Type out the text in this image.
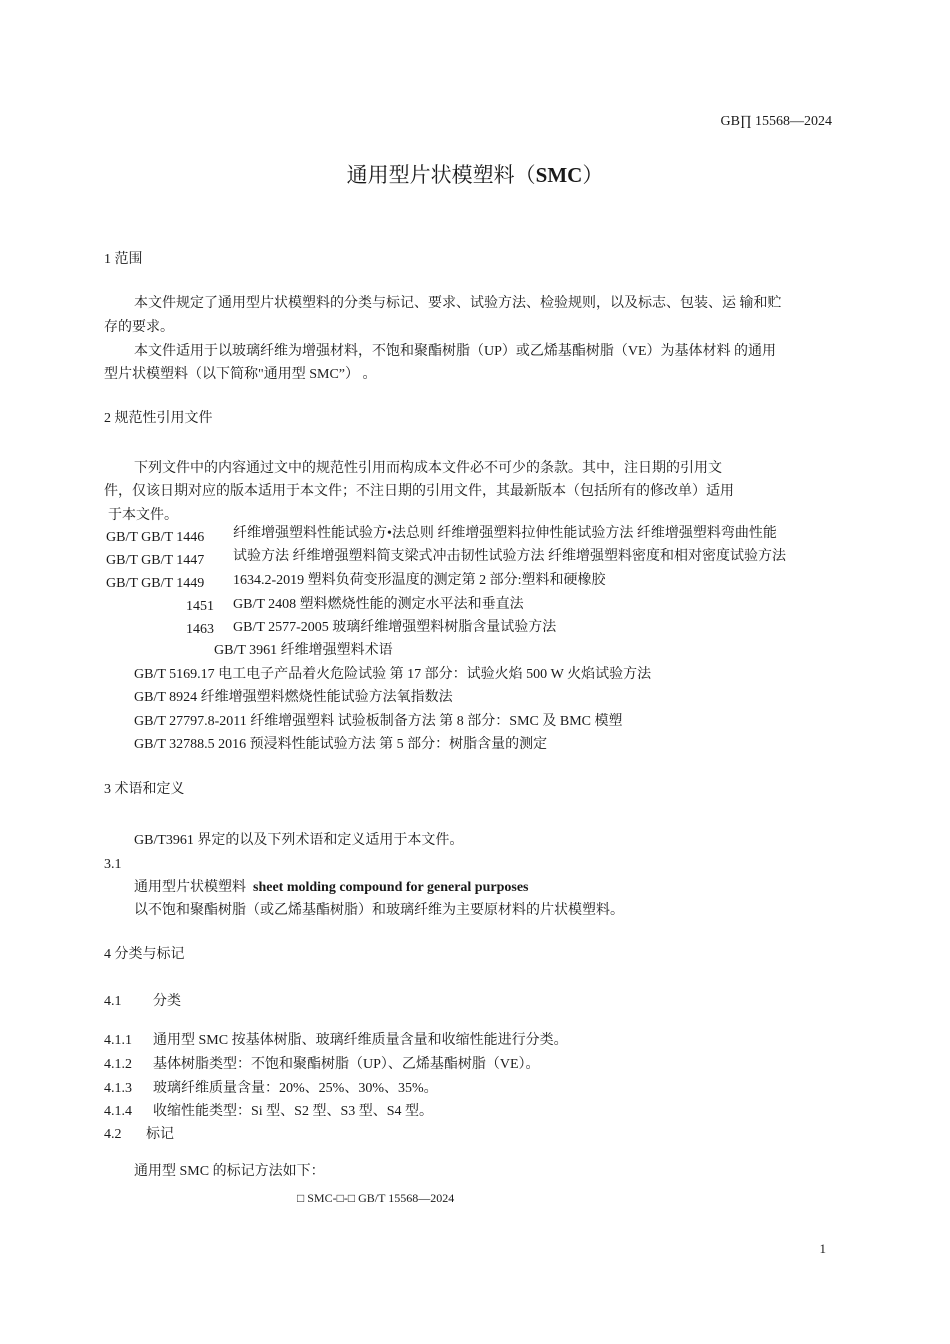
GB∏ 15568—2024
通用型片状模塑料（SMC）
1 范围
本文件规定了通用型片状模塑料的分类与标记、要求、试验方法、检验规则，以及标志、包装、运 输和贮
存的要求。
本文件适用于以玻璃纤维为增强材料，不饱和聚酯树脂（UP）或乙烯基酯树脂（VE）为基体材料 的通用
型片状模塑料（以下简称"通用型 SMC”） 。
2 规范性引用文件
下列文件中的内容通过文中的规范性引用而构成本文件必不可少的条款。其中，注日期的引用文
件，仅该日期对应的版本适用于本文件；不注日期的引用文件，其最新版本（包括所有的修改单）适用
于本文件。
GB/T GB/T 1446
GB/T GB/T 1447
GB/T GB/T 1449
1451
1463
纤维增强塑料性能试验方•法总则 纤维增强塑料拉伸性能试验方法 纤维增强塑料弯曲性能
试验方法 纤维增强塑料简支梁式冲击韧性试验方法 纤维增强塑料密度和相对密度试验方法
1634.2-2019 塑料负荷变形温度的测定第 2 部分:塑料和硬橡胶
GB/T 2408 塑料燃烧性能的测定水平法和垂直法
GB/T 2577-2005 玻璃纤维增强塑料树脂含量试验方法
GB/T 3961 纤维增强塑料术语
GB/T 5169.17 电工电子产品着火危险试验 第 17 部分：试验火焰 500 W 火焰试验方法
GB/T 8924 纤维增强塑料燃烧性能试验方法氧指数法
GB/T 27797.8-2011 纤维增强塑料 试验板制备方法 第 8 部分：SMC 及 BMC 模塑
GB/T 32788.5 2016 预浸料性能试验方法 第 5 部分：树脂含量的测定
3 术语和定义
GB/T3961 界定的以及下列术语和定义适用于本文件。
3.1
通用型片状模塑料 sheet molding compound for general purposes
以不饱和聚酯树脂（或乙烯基酯树脂）和玻璃纤维为主要原材料的片状模塑料。
4 分类与标记
4.1 分类
4.1.1 通用型 SMC 按基体树脂、玻璃纤维质量含量和收缩性能进行分类。
4.1.2 基体树脂类型：不饱和聚酯树脂（UP）、乙烯基酯树脂（VE）。
4.1.3 玻璃纤维质量含量：20%、25%、30%、35%。
4.1.4 收缩性能类型：Si 型、S2 型、S3 型、S4 型。
4.2 标记
通用型 SMC 的标记方法如下：
□ SMC-□-□ GB/T 15568—2024
1
